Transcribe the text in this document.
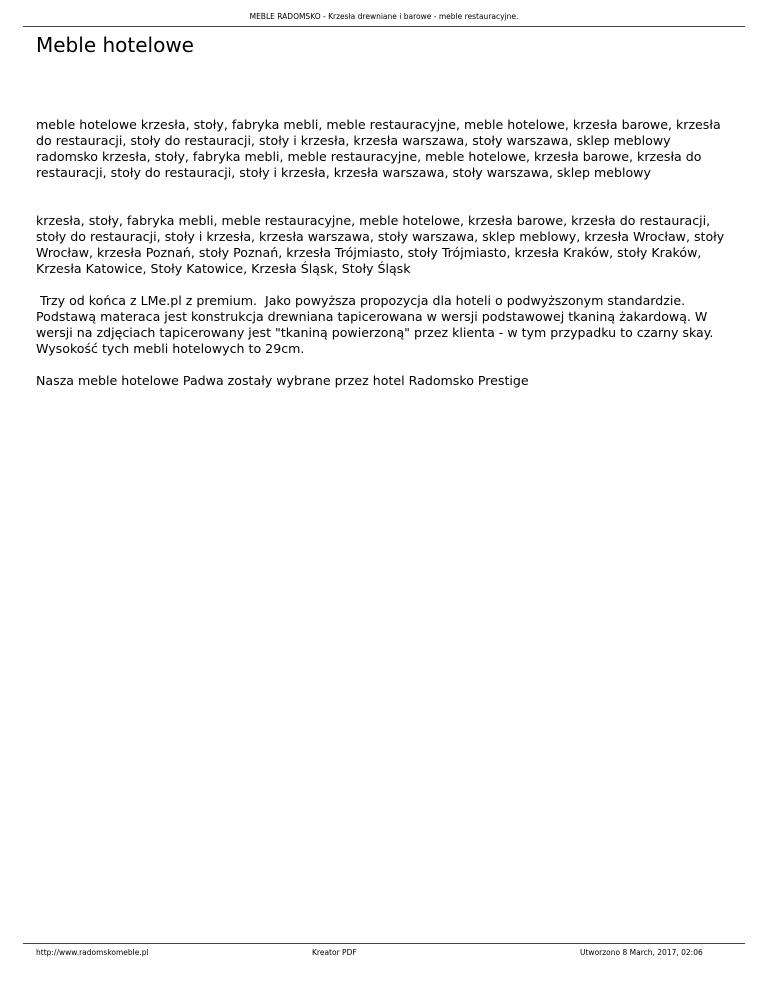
MEBLE RADOMSKO - Krzesła drewniane i barowe - meble restauracyjne.
Meble hotelowe

meble hotelowe krzesła, stoły, fabryka mebli, meble restauracyjne, meble hotelowe, krzesła barowe, krzesła do restauracji, stoły do restauracji, stoły i krzesła, krzesła warszawa, stoły warszawa, sklep meblowy radomsko krzesła, stoły, fabryka mebli, meble restauracyjne, meble hotelowe, krzesła barowe, krzesła do restauracji, stoły do restauracji, stoły i krzesła, krzesła warszawa, stoły warszawa, sklep meblowy

krzesła, stoły, fabryka mebli, meble restauracyjne, meble hotelowe, krzesła barowe, krzesła do restauracji, stoły do restauracji, stoły i krzesła, krzesła warszawa, stoły warszawa, sklep meblowy, krzesła Wrocław, stoły Wrocław, krzesła Poznań, stoły Poznań, krzesła Trójmiasto, stoły Trójmiasto, krzesła Kraków, stoły Kraków, Krzesła Katowice, Stoły Katowice, Krzesła Śląsk, Stoły Śląsk

Trzy od końca z LMe.pl z premium.  Jako powyższa propozycja dla hoteli o podwyższonym standardzie. Podstawą materaca jest konstrukcja drewniana tapicerowana w wersji podstawowej tkaniną żakardową. W wersji na zdjęciach tapicerowany jest "tkaniną powierzoną" przez klienta - w tym przypadku to czarny skay. Wysokość tych mebli hotelowych to 29cm.

Nasza meble hotelowe Padwa zostały wybrane przez hotel Radomsko Prestige

http://www.radomskomeble.pl	Kreator PDF	Utworzono 8 March, 2017, 02:06
